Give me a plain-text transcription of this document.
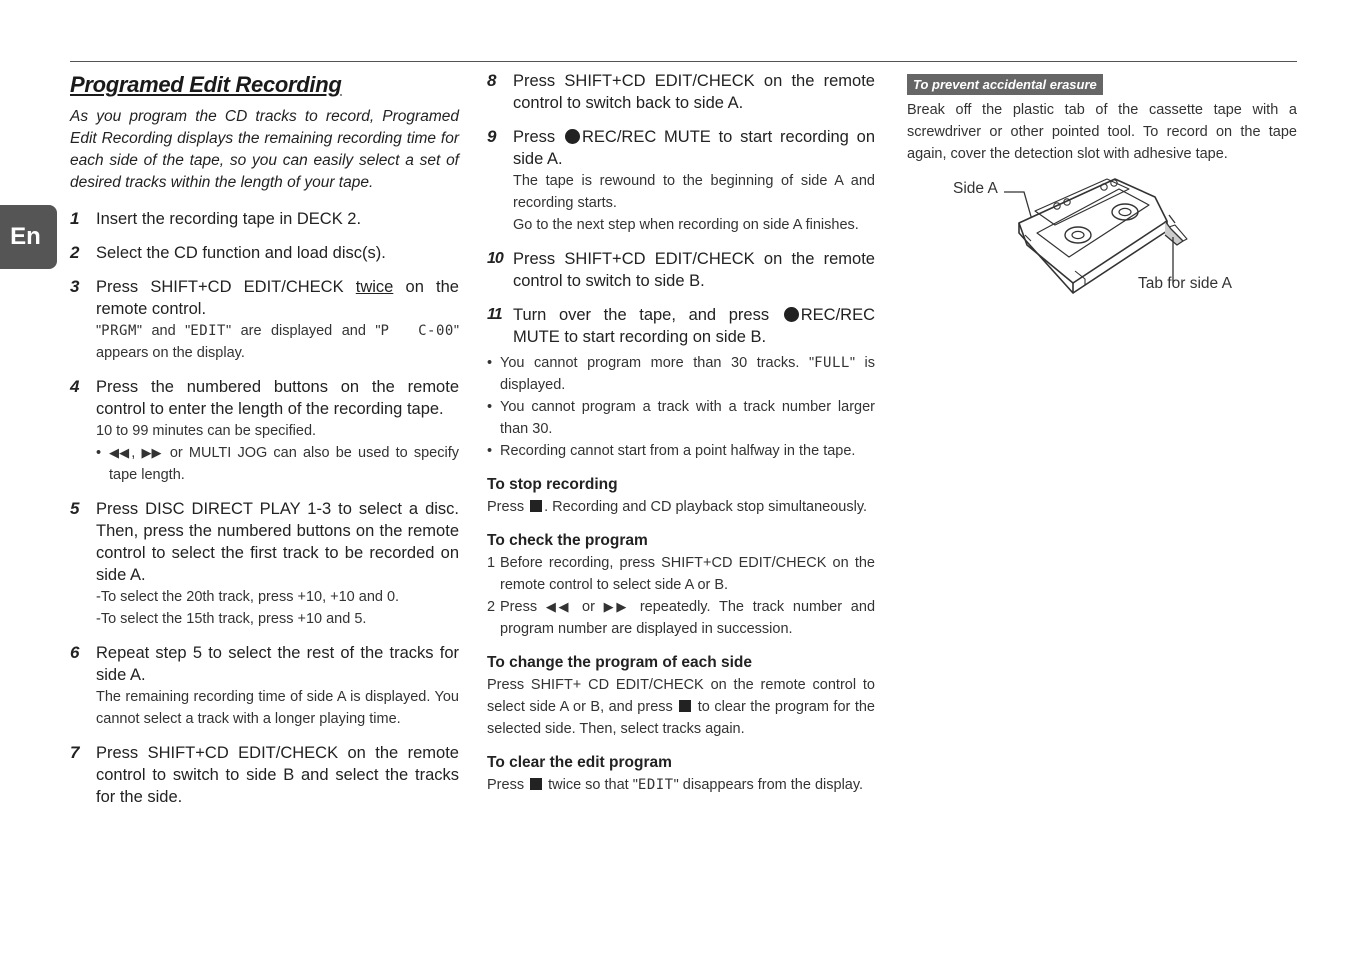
En
Programed Edit Recording
As you program the CD tracks to record, Programed Edit Recording displays the remaining recording time for each side of the tape, so you can easily select a set of desired tracks within the length of your tape.
1	Insert the recording tape in DECK 2.
2	Select the CD function and load disc(s).
3	Press SHIFT+CD EDIT/CHECK twice on the remote control.
"PRGM" and "EDIT" are displayed and "P  C-00" appears on the display.
4	Press the numbered buttons on the remote control to enter the length of the recording tape.
10 to 99 minutes can be specified.
• ◀◀ , ▶▶ or MULTI JOG can also be used to specify tape length.
5	Press DISC DIRECT PLAY 1-3 to select a disc. Then, press the numbered buttons on the remote control to select the first track to be recorded on side A.
-To select the 20th track, press +10, +10 and 0.
-To select the 15th track, press +10 and 5.
6	Repeat step 5 to select the rest of the tracks for side A.
The remaining recording time of side A is displayed. You cannot select a track with a longer playing time.
7	Press SHIFT+CD EDIT/CHECK on the remote control to switch to side B and select the tracks for the side.
8	Press SHIFT+CD EDIT/CHECK on the remote control to switch back to side A.
9	Press REC/REC MUTE to start recording on side A.
The tape is rewound to the beginning of side A and recording starts.
Go to the next step when recording on side A finishes.
10 Press SHIFT+CD EDIT/CHECK on the remote control to switch to side B.
11 Turn over the tape, and press REC/REC MUTE to start recording on side B.
• You cannot program more than 30 tracks. "FULL" is displayed.
• You cannot program a track with a track number larger than 30.
• Recording cannot start from a point halfway in the tape.
To stop recording
Press . Recording and CD playback stop simultaneously.
To check the program
1 Before recording, press SHIFT+CD EDIT/CHECK on the remote control to select side A or B.
2 Press ◀◀ or ▶▶ repeatedly. The track number and program number are displayed in succession.
To change the program of each side
Press SHIFT+ CD EDIT/CHECK on the remote control to select side A or B, and press  to clear the program for the selected side. Then, select tracks again.
To clear the edit program
Press  twice so that "EDIT" disappears from the display.
To prevent accidental erasure
Break off the plastic tab of the cassette tape with a screwdriver or other pointed tool. To record on the tape again, cover the detection slot with adhesive tape.
Side A
Tab for side A
